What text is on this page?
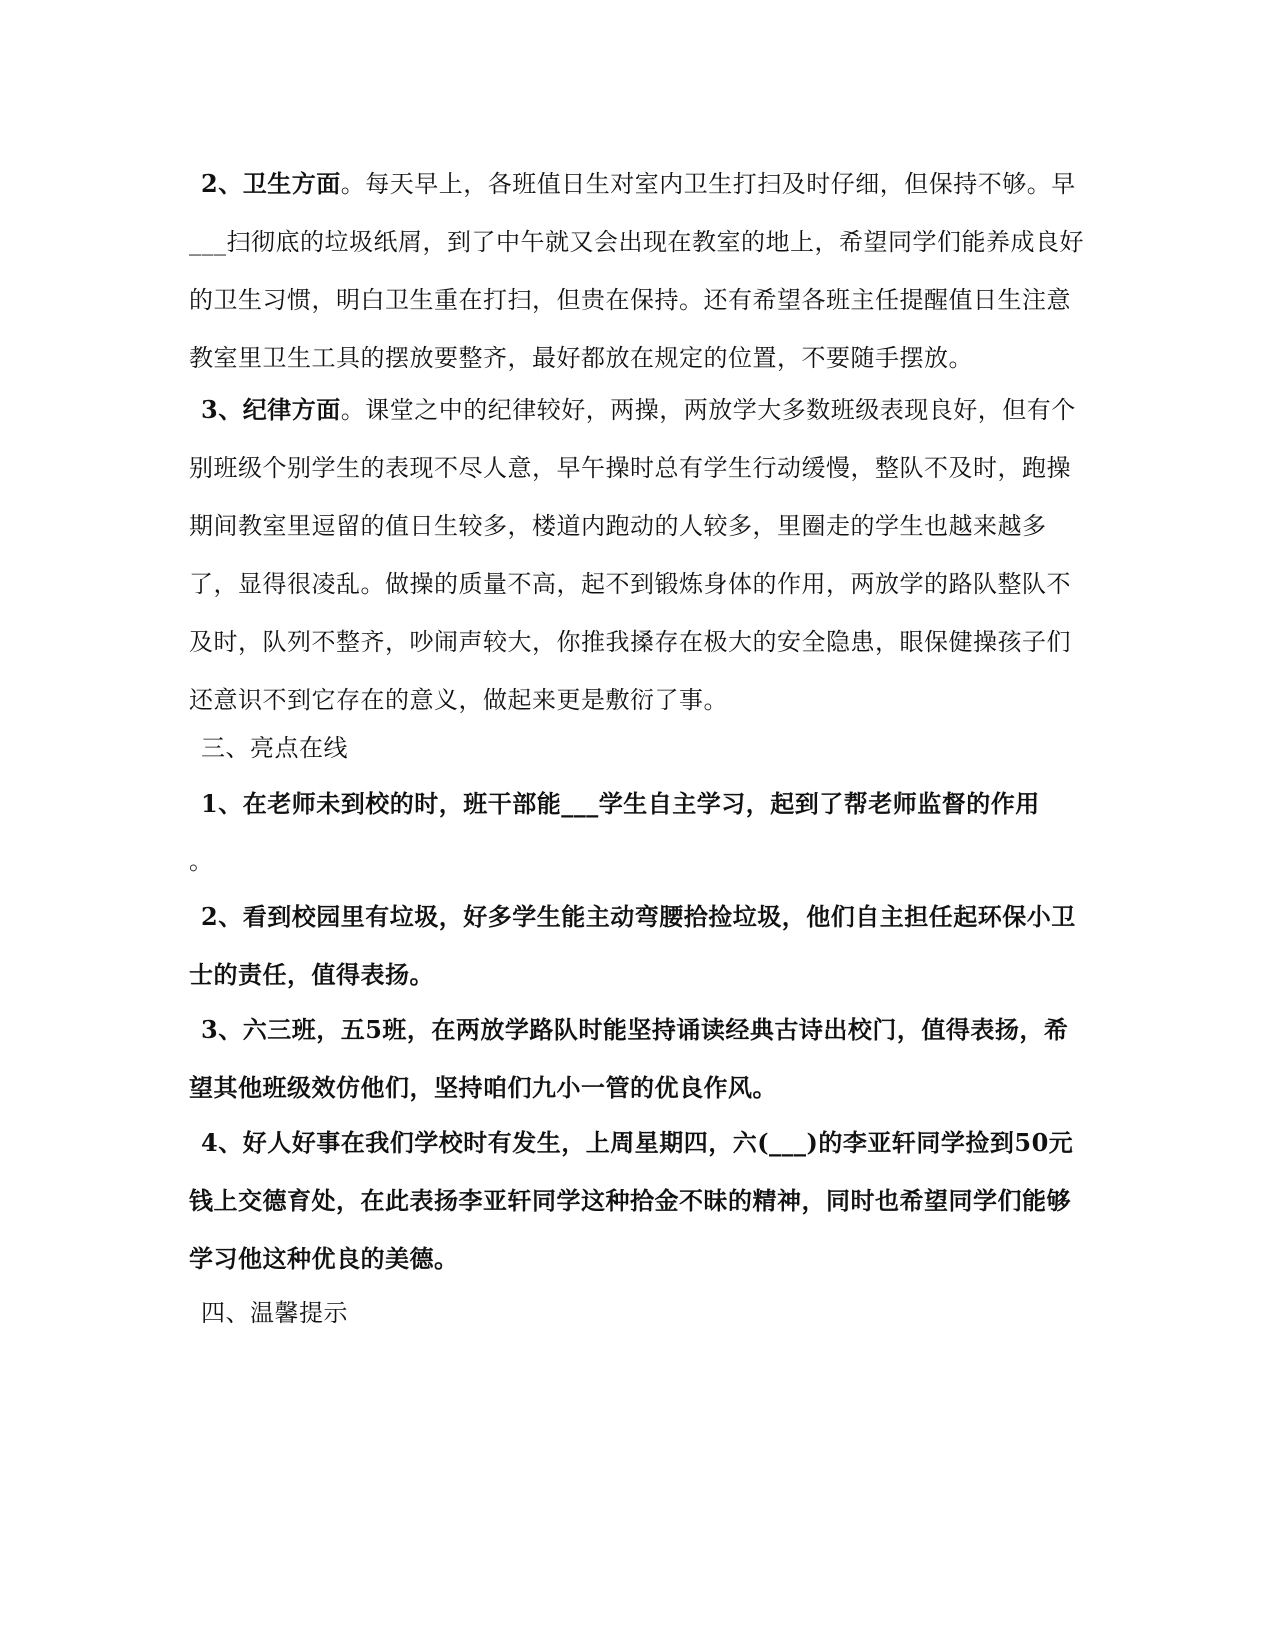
2、卫生方面。每天早上，各班值日生对室内卫生打扫及时仔细，但保持不够。早___扫彻底的垃圾纸屑，到了中午就又会出现在教室的地上，希望同学们能养成良好的卫生习惯，明白卫生重在打扫，但贵在保持。还有希望各班主任提醒值日生注意教室里卫生工具的摆放要整齐，最好都放在规定的位置，不要随手摆放。

3、纪律方面。课堂之中的纪律较好，两操，两放学大多数班级表现良好，但有个别班级个别学生的表现不尽人意，早午操时总有学生行动缓慢，整队不及时，跑操期间教室里逗留的值日生较多，楼道内跑动的人较多，里圈走的学生也越来越多了，显得很凌乱。做操的质量不高，起不到锻炼身体的作用，两放学的路队整队不及时，队列不整齐，吵闹声较大，你推我搡存在极大的安全隐患，眼保健操孩子们还意识不到它存在的意义，做起来更是敷衍了事。

三、亮点在线

1、在老师未到校的时，班干部能___学生自主学习，起到了帮老师监督的作用

。

2、看到校园里有垃圾，好多学生能主动弯腰拾捡垃圾，他们自主担任起环保小卫士的责任，值得表扬。

3、六三班，五5班，在两放学路队时能坚持诵读经典古诗出校门，值得表扬，希望其他班级效仿他们，坚持咱们九小一管的优良作风。

4、好人好事在我们学校时有发生，上周星期四，六(___)的李亚轩同学捡到50元钱上交德育处，在此表扬李亚轩同学这种拾金不昧的精神，同时也希望同学们能够学习他这种优良的美德。

四、温馨提示
